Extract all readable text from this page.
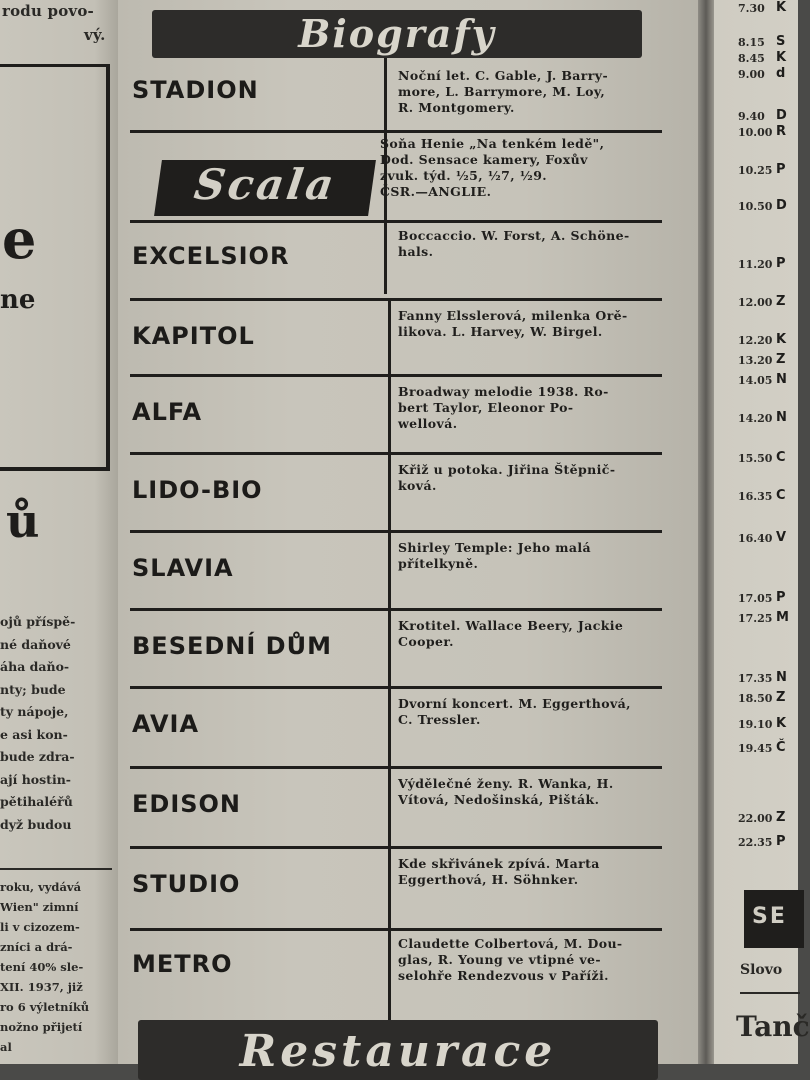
rodu povo-
vý.
e
ne
ů
ojů příspě-
né daňové
áha daňo-
nty; bude
ty nápoje,
e asi kon-
bude zdra-
ají hostin-
pětihaléřů
dyž budou
roku, vydává
Wien" zimní
li v cizozem-
zníci a drá-
tení 40% sle-
XII. 1937, již
ro 6 výletníků
nožno přijetí
al
Biografy
STADION
Noční let. C. Gable, J. Barry-
more, L. Barrymore, M. Loy,
R. Montgomery.
Scala
Soňa Henie „Na tenkém ledě",
Dod. Sensace kamery, Foxův
zvuk. týd. ½5, ½7, ½9.
ČSR.—ANGLIE.
EXCELSIOR
Boccaccio. W. Forst, A. Schöne-
hals.
KAPITOL
Fanny Elsslerová, milenka Orě-
likova. L. Harvey, W. Birgel.
ALFA
Broadway melodie 1938. Ro-
bert Taylor, Eleonor Po-
wellová.
LIDO-BIO
Křiž u potoka. Jiřina Štěpnič-
ková.
SLAVIA
Shirley Temple: Jeho malá
přítelkyně.
BESEDNÍ DŮM
Krotitel. Wallace Beery, Jackie
Cooper.
AVIA
Dvorní koncert. M. Eggerthová,
C. Tressler.
EDISON
Výdělečné ženy. R. Wanka, H.
Vítová, Nedošinská, Pišták.
STUDIO
Kde skřivánek zpívá. Marta
Eggerthová, H. Söhnker.
METRO
Claudette Colbertová, M. Dou-
glas, R. Young ve vtipné ve-
selohře Rendezvous v Paříži.
Restaurace
7.30 K
8.15 S
8.45 K
9.00 d
9.40 D
10.00 R
10.25 P
10.50 D
11.20 P
12.00 Z
12.20 K
13.20 Z
14.05 N
14.20 N
15.50 C
16.35 C
16.40 V
17.05 P
17.25 M
17.35 N
18.50 Z
19.10 K
19.45 Č
22.00 Z
22.35 P
SE
Slovo
Tanč
